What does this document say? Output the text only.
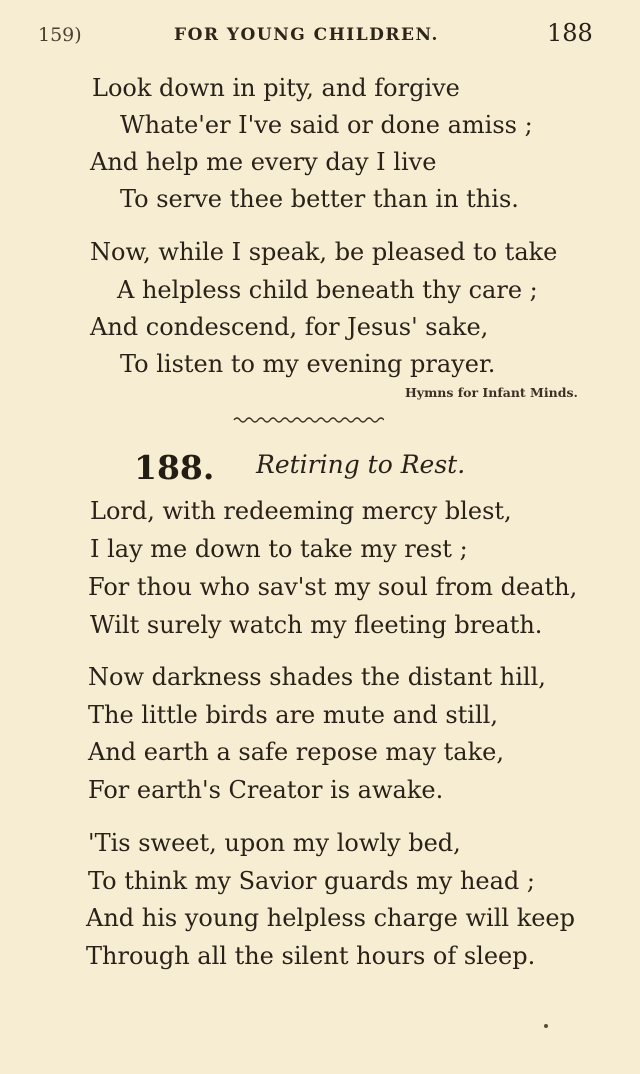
159)	FOR YOUNG CHILDREN.	188
Look down in pity, and forgive
Whate'er I've said or done amiss ;
And help me every day I live
To serve thee better than in this.
Now, while I speak, be pleased to take
A helpless child beneath thy care ;
And condescend, for Jesus' sake,
To listen to my evening prayer.
Hymns for Infant Minds.
188. Retiring to Rest.
Lord, with redeeming mercy blest,
I lay me down to take my rest ;
For thou who sav'st my soul from death,
Wilt surely watch my fleeting breath.
Now darkness shades the distant hill,
The little birds are mute and still,
And earth a safe repose may take,
For earth's Creator is awake.
'Tis sweet, upon my lowly bed,
To think my Savior guards my head ;
And his young helpless charge will keep
Through all the silent hours of sleep.
